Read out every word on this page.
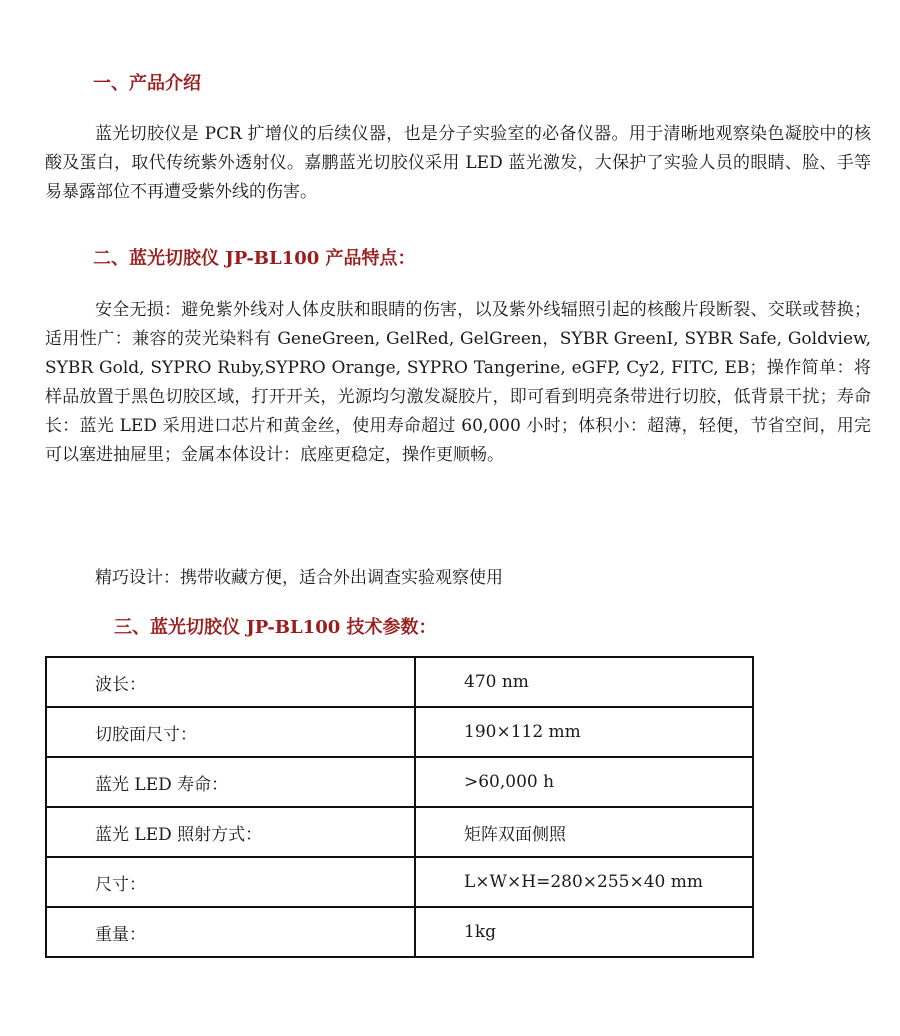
一、产品介绍

蓝光切胶仪是 PCR 扩增仪的后续仪器，也是分子实验室的必备仪器。用于清晰地观察染色凝胶中的核酸及蛋白，取代传统紫外透射仪。嘉鹏蓝光切胶仪采用 LED 蓝光激发，大保护了实验人员的眼睛、脸、手等易暴露部位不再遭受紫外线的伤害。

二、蓝光切胶仪 JP-BL100 产品特点：

安全无损：避免紫外线对人体皮肤和眼睛的伤害，以及紫外线辐照引起的核酸片段断裂、交联或替换；适用性广：兼容的荧光染料有 GeneGreen, GelRed, GelGreen，SYBR GreenI, SYBR Safe, Goldview, SYBR Gold, SYPRO Ruby,SYPRO Orange, SYPRO Tangerine, eGFP, Cy2, FITC, EB；操作简单：将样品放置于黑色切胶区域，打开开关，光源均匀激发凝胶片，即可看到明亮条带进行切胶，低背景干扰；寿命长：蓝光 LED 采用进口芯片和黄金丝，使用寿命超过 60,000 小时；体积小：超薄，轻便，节省空间，用完可以塞进抽屉里；金属本体设计：底座更稳定，操作更顺畅。

精巧设计：携带收藏方便，适合外出调查实验观察使用

三、蓝光切胶仪 JP-BL100 技术参数：
波长：	470 nm
切胶面尺寸：	190×112 mm
蓝光 LED 寿命：	>60,000 h
蓝光 LED 照射方式：	矩阵双面侧照
尺寸：	L×W×H=280×255×40 mm
重量：	1kg
